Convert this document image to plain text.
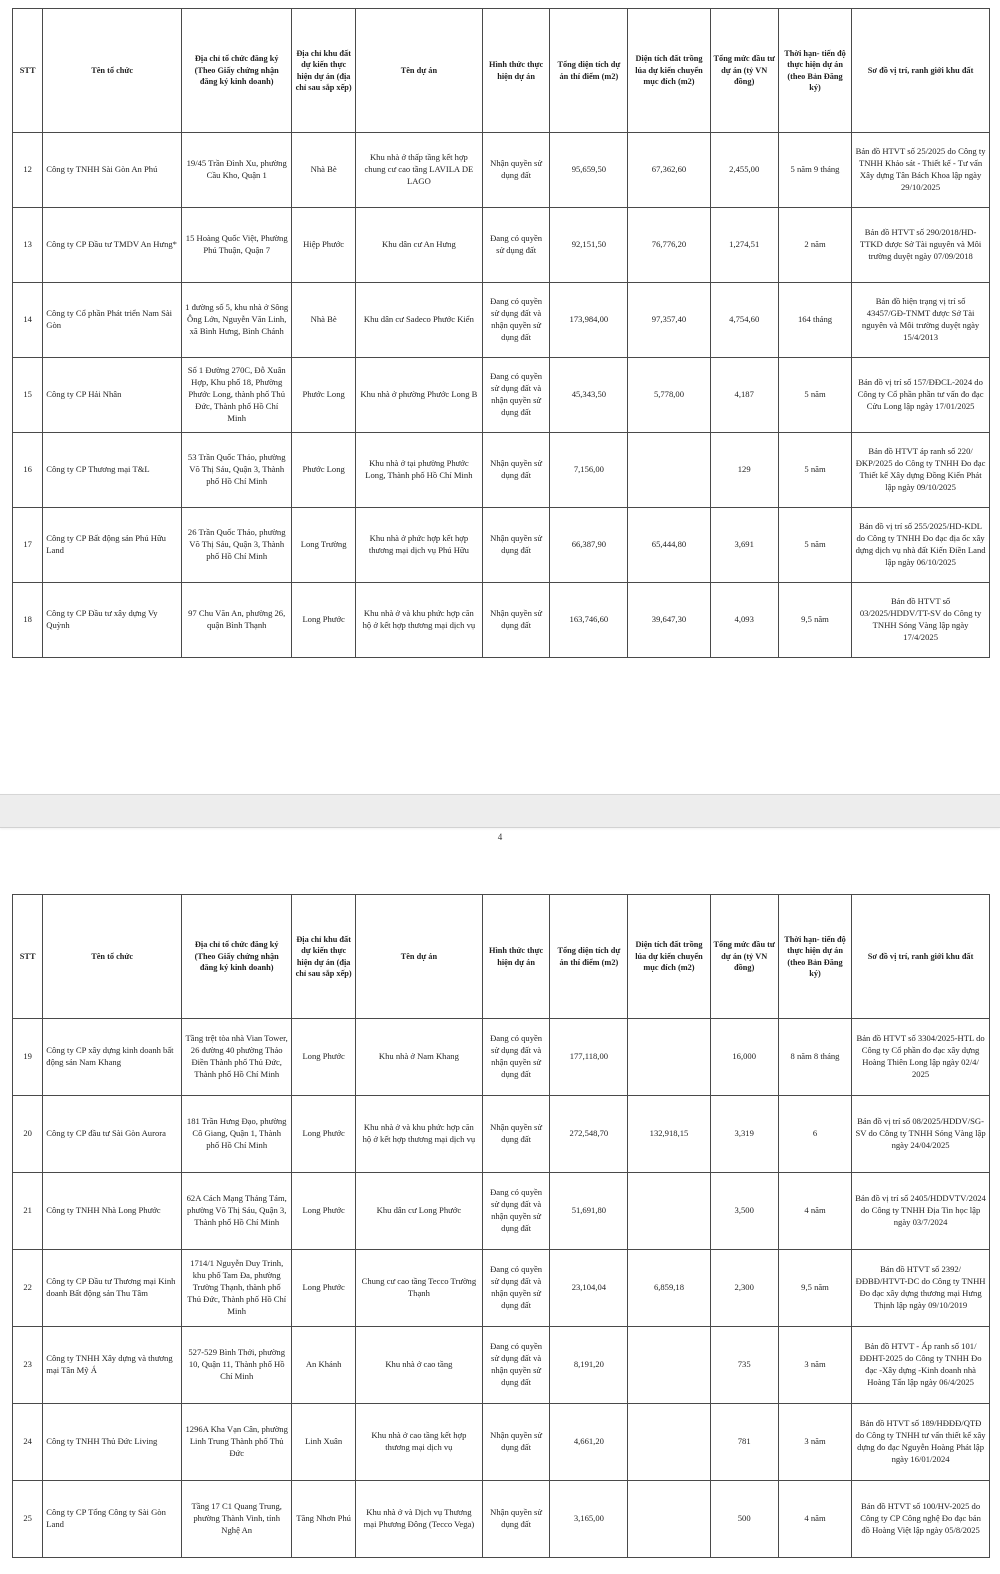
STT	Tên tổ chức	Địa chỉ tổ chức đăng ký (Theo Giấy chứng nhận đăng ký kinh doanh)	Địa chỉ khu đất dự kiến thực hiện dự án (địa chỉ sau sắp xếp)	Tên dự án	Hình thức thực hiện dự án	Tổng diện tích dự án thí điểm (m2)	Diện tích đất trồng lúa dự kiến chuyển mục đích (m2)	Tổng mức đầu tư dự án (tỷ VN đồng)	Thời hạn- tiến độ thực hiện dự án (theo Bản Đăng ký)	Sơ đồ vị trí, ranh giới khu đất
12	Công ty TNHH Sài Gòn An Phú	19/45 Trần Đình Xu, phường Cầu Kho, Quận 1	Nhà Bè	Khu nhà ở thấp tầng kết hợp chung cư cao tầng LAVILA DE LAGO	Nhận quyền sử dụng đất	95,659,50	67,362,60	2,455,00	5 năm 9 tháng	Bản đồ HTVT số 25/2025 do Công ty TNHH Khảo sát - Thiết kế - Tư vấn Xây dựng Tân Bách Khoa lập ngày 29/10/2025
13	Công ty CP Đầu tư TMDV An Hưng*	15 Hoàng Quốc Việt, Phường Phú Thuận, Quận 7	Hiệp Phước	Khu dân cư An Hưng	Đang có quyền sử dụng đất	92,151,50	76,776,20	1,274,51	2 năm	Bản đồ HTVT số 290/2018/HD-TTKD được Sở Tài nguyên và Môi trường duyệt ngày 07/09/2018
14	Công ty Cổ phần Phát triển Nam Sài Gòn	1 đường số 5, khu nhà ở Sông Ông Lớn, Nguyễn Văn Linh, xã Bình Hưng, Bình Chánh	Nhà Bè	Khu dân cư Sadeco Phước Kiển	Đang có quyền sử dụng đất và nhận quyền sử dụng đất	173,984,00	97,357,40	4,754,60	164 tháng	Bản đồ hiện trạng vị trí số 43457/GĐ-TNMT được Sở Tài nguyên và Môi trường duyệt ngày 15/4/2013
15	Công ty CP Hải Nhân	Số 1 Đường 270C, Đỗ Xuân Hợp, Khu phố 18, Phường Phước Long, thành phố Thủ Đức, Thành phố Hồ Chí Minh	Phước Long	Khu nhà ở phường Phước Long B	Đang có quyền sử dụng đất và nhận quyền sử dụng đất	45,343,50	5,778,00	4,187	5 năm	Bản đồ vị trí số 157/ĐĐCL-2024 do Công ty Cổ phần phần tư vấn đo đạc Cửu Long lập ngày 17/01/2025
16	Công ty CP Thương mại T&L	53 Trần Quốc Thảo, phường Võ Thị Sáu, Quận 3, Thành phố Hồ Chí Minh	Phước Long	Khu nhà ở tại phường Phước Long, Thành phố Hồ Chí Minh	Nhận quyền sử dụng đất	7,156,00		129	5 năm	Bản đồ HTVT áp ranh số 220/ĐKP/2025 do Công ty TNHH Đo đạc Thiết kế Xây dựng Đồng Kiến Phát lập ngày 09/10/2025
17	Công ty CP Bất động sản Phú Hữu Land	26 Trần Quốc Thảo, phường Võ Thị Sáu, Quận 3, Thành phố Hồ Chí Minh	Long Trường	Khu nhà ở phức hợp kết hợp thương mại dịch vụ Phú Hữu	Nhận quyền sử dụng đất	66,387,90	65,444,80	3,691	5 năm	Bản đồ vị trí số 255/2025/HD-KDL do Công ty TNHH Đo đạc địa ốc xây dựng dịch vụ nhà đất Kiến Điền Land lập ngày 06/10/2025
18	Công ty CP Đầu tư xây dựng Vy Quỳnh	97 Chu Văn An, phường 26, quận Bình Thạnh	Long Phước	Khu nhà ở và khu phức hợp căn hộ ở kết hợp thương mại dịch vụ	Nhận quyền sử dụng đất	163,746,60	39,647,30	4,093	9,5 năm	Bản đồ HTVT số 03/2025/HDDV/TT-SV do Công ty TNHH Sóng Vàng lập ngày 17/4/2025
4
STT	Tên tổ chức	Địa chỉ tổ chức đăng ký (Theo Giấy chứng nhận đăng ký kinh doanh)	Địa chỉ khu đất dự kiến thực hiện dự án (địa chỉ sau sắp xếp)	Tên dự án	Hình thức thực hiện dự án	Tổng diện tích dự án thí điểm (m2)	Diện tích đất trồng lúa dự kiến chuyển mục đích (m2)	Tổng mức đầu tư dự án (tỷ VN đồng)	Thời hạn- tiến độ thực hiện dự án (theo Bản Đăng ký)	Sơ đồ vị trí, ranh giới khu đất
19	Công ty CP xây dựng kinh doanh bất động sản Nam Khang	Tầng trệt tòa nhà Vian Tower, 26 đường 40 phường Thảo Điền Thành phố Thủ Đức, Thành phố Hồ Chí Minh	Long Phước	Khu nhà ở Nam Khang	Đang có quyền sử dụng đất và nhận quyền sử dụng đất	177,118,00		16,000	8 năm 8 tháng	Bản đồ HTVT số 3304/2025-HTL do Công ty Cổ phần đo đạc xây dựng Hoàng Thiên Long lập ngày 02/4/ 2025
20	Công ty CP đầu tư Sài Gòn Aurora	181 Trần Hưng Đạo, phường Cô Giang, Quận 1, Thành phố Hồ Chí Minh	Long Phước	Khu nhà ở và khu phức hợp căn hộ ở kết hợp thương mại dịch vụ	Nhận quyền sử dụng đất	272,548,70	132,918,15	3,319	6	Bản đồ vị trí số 08/2025/HDDV/SG-SV do Công ty TNHH Sóng Vàng lập ngày 24/04/2025
21	Công ty TNHH Nhà Long Phước	62A Cách Mạng Tháng Tám, phường Võ Thị Sáu, Quận 3, Thành phố Hồ Chí Minh	Long Phước	Khu dân cư Long Phước	Đang có quyền sử dụng đất và nhận quyền sử dụng đất	51,691,80		3,500	4 năm	Bản đồ vị trí số 2405/HDDVTV/2024 do Công ty TNHH Địa Tin học lập ngày 03/7/2024
22	Công ty CP Đầu tư Thương mại Kinh doanh Bất động sản Thu Tâm	1714/1 Nguyễn Duy Trinh, khu phố Tam Đa, phường Trường Thạnh, thành phố Thủ Đức, Thành phố Hồ Chí Minh	Long Phước	Chung cư cao tầng Tecco Trường Thạnh	Đang có quyền sử dụng đất và nhận quyền sử dụng đất	23,104,04	6,859,18	2,300	9,5 năm	Bản đồ HTVT số 2392/ĐĐBĐ/HTVT-DC do Công ty TNHH Đo đạc xây dựng thương mại Hưng Thịnh lập ngày 09/10/2019
23	Công ty TNHH Xây dựng và thương mại Tân Mỹ Á	527-529 Bình Thới, phường 10, Quận 11, Thành phố Hồ Chí Minh	An Khánh	Khu nhà ở cao tầng	Đang có quyền sử dụng đất và nhận quyền sử dụng đất	8,191,20		735	3 năm	Bản đồ HTVT - Áp ranh số 101/ĐĐHT-2025 do Công ty TNHH Đo đạc -Xây dựng -Kinh doanh nhà Hoàng Tấn lập ngày 06/4/2025
24	Công ty TNHH Thủ Đức Living	1296A Kha Vạn Cân, phường Linh Trung Thành phố Thủ Đức	Linh Xuân	Khu nhà ở cao tầng kết hợp thương mại dịch vụ	Nhận quyền sử dụng đất	4,661,20		781	3 năm	Bản đồ HTVT số 189/HĐĐĐ/QTĐ do Công ty TNHH tư vấn thiết kế xây dựng đo đạc Nguyễn Hoàng Phát lập ngày 16/01/2024
25	Công ty CP Tổng Công ty Sài Gòn Land	Tầng 17 C1 Quang Trung, phường Thành Vinh, tỉnh Nghệ An	Tăng Nhơn Phú	Khu nhà ở và Dịch vụ Thương mại Phương Đông (Tecco Vega)	Nhận quyền sử dụng đất	3,165,00		500	4 năm	Bản đồ HTVT số 100/HV-2025 do Công ty CP Công nghệ Đo đạc bản đồ Hoàng Việt lập ngày 05/8/2025
